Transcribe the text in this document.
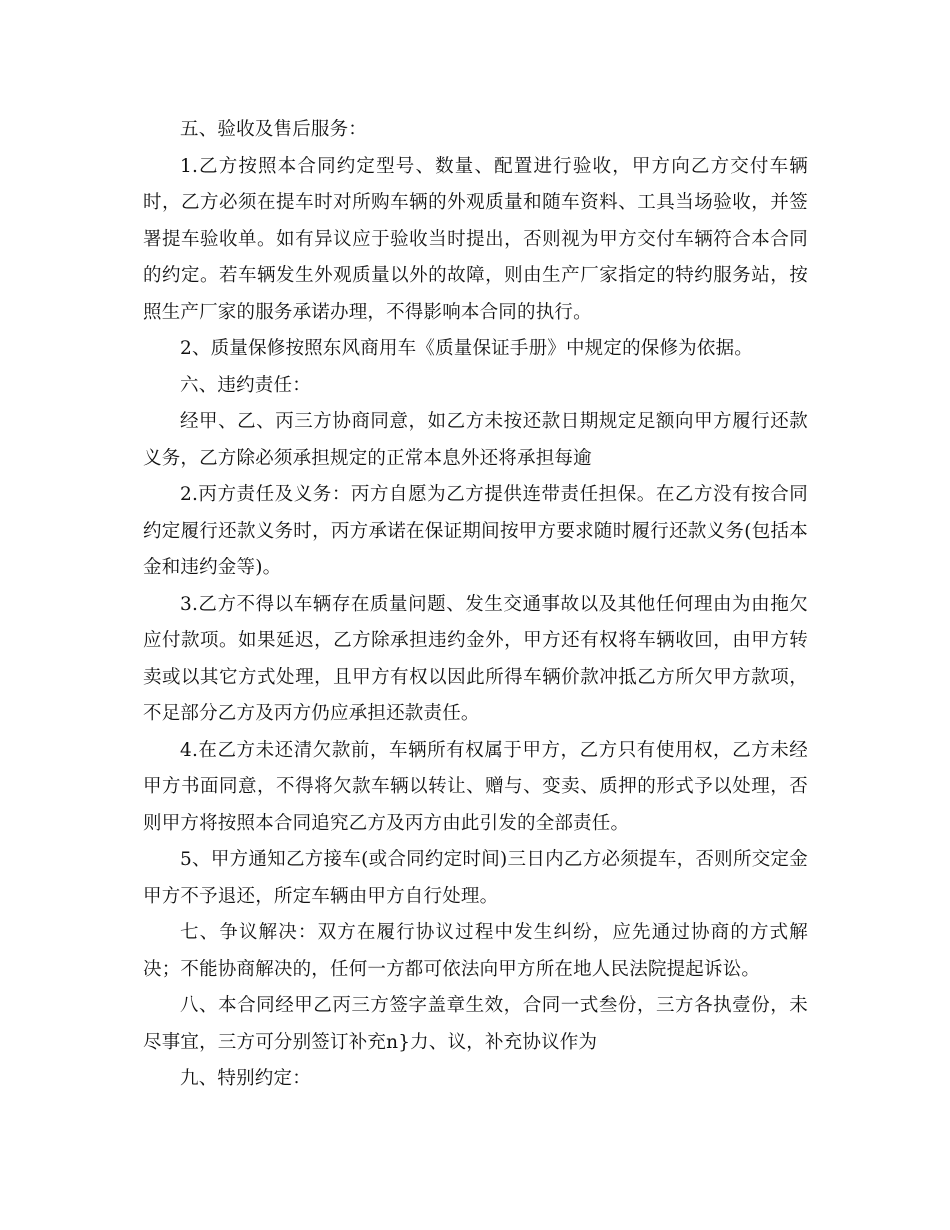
五、验收及售后服务：

1.乙方按照本合同约定型号、数量、配置进行验收，甲方向乙方交付车辆时，乙方必须在提车时对所购车辆的外观质量和随车资料、工具当场验收，并签署提车验收单。如有异议应于验收当时提出，否则视为甲方交付车辆符合本合同的约定。若车辆发生外观质量以外的故障，则由生产厂家指定的特约服务站，按照生产厂家的服务承诺办理，不得影响本合同的执行。

2、质量保修按照东风商用车《质量保证手册》中规定的保修为依据。

六、违约责任：

经甲、乙、丙三方协商同意，如乙方未按还款日期规定足额向甲方履行还款义务，乙方除必须承担规定的正常本息外还将承担每逾

2.丙方责任及义务：丙方自愿为乙方提供连带责任担保。在乙方没有按合同约定履行还款义务时，丙方承诺在保证期间按甲方要求随时履行还款义务(包括本金和违约金等)。

3.乙方不得以车辆存在质量问题、发生交通事故以及其他任何理由为由拖欠应付款项。如果延迟，乙方除承担违约金外，甲方还有权将车辆收回，由甲方转卖或以其它方式处理，且甲方有权以因此所得车辆价款冲抵乙方所欠甲方款项，不足部分乙方及丙方仍应承担还款责任。

4.在乙方未还清欠款前，车辆所有权属于甲方，乙方只有使用权，乙方未经甲方书面同意，不得将欠款车辆以转让、赠与、变卖、质押的形式予以处理，否则甲方将按照本合同追究乙方及丙方由此引发的全部责任。

5、甲方通知乙方接车(或合同约定时间)三日内乙方必须提车，否则所交定金甲方不予退还，所定车辆由甲方自行处理。

七、争议解决：双方在履行协议过程中发生纠纷，应先通过协商的方式解决；不能协商解决的，任何一方都可依法向甲方所在地人民法院提起诉讼。

八、本合同经甲乙丙三方签字盖章生效，合同一式叁份，三方各执壹份，未尽事宜，三方可分别签订补充n}力、议，补充协议作为

九、特别约定：
